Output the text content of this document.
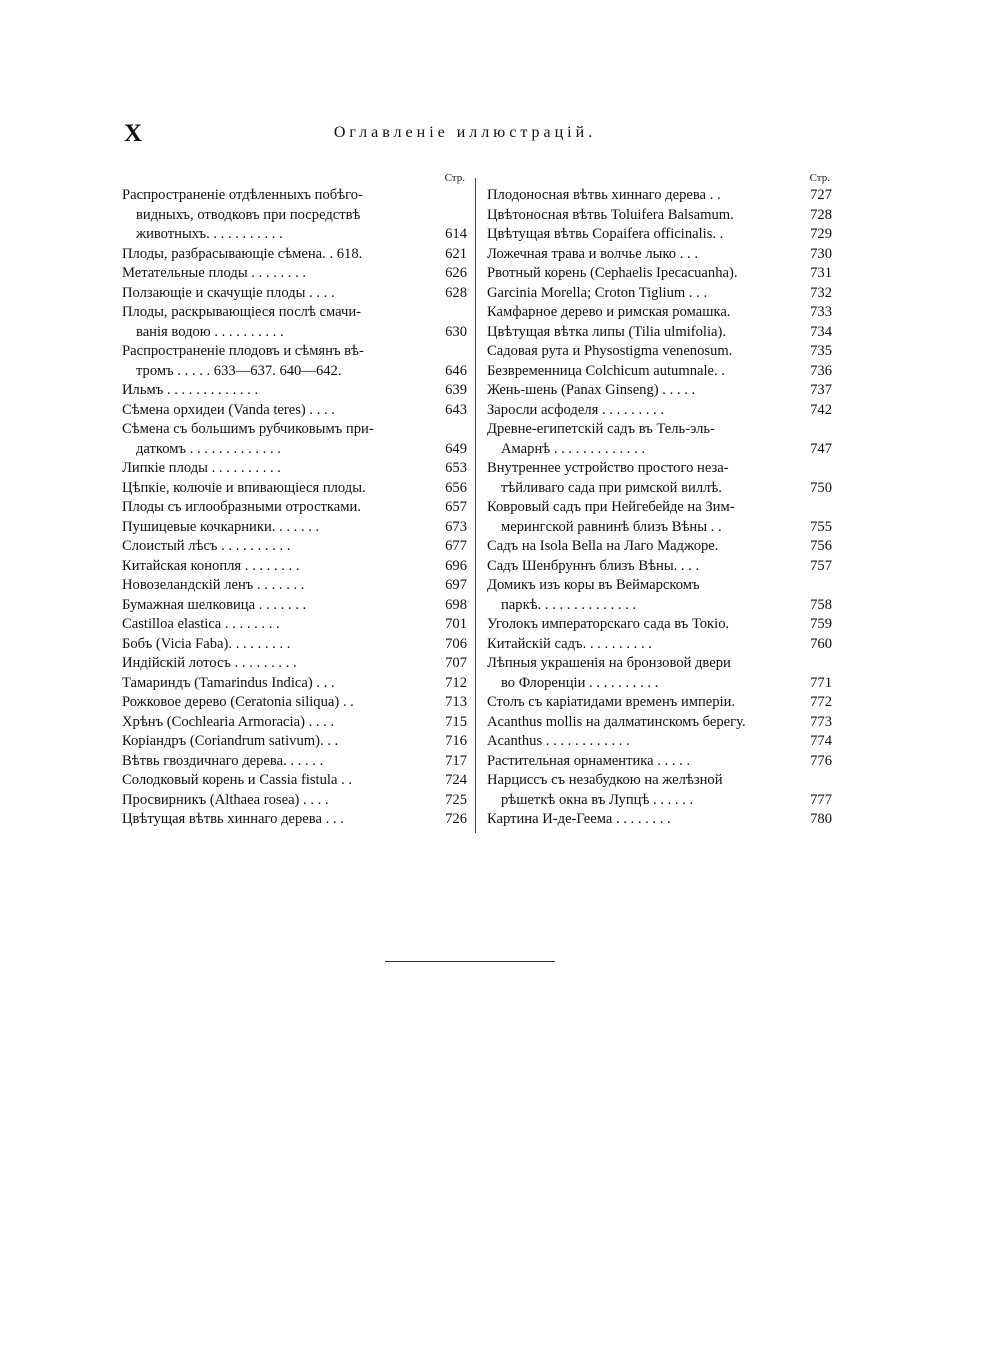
X	Оглавленіе иллюстрацій.
Стр.
Распространеніе отдѣленныхъ побѣго-
видныхъ, отводковъ при посредствѣ
животныхъ. . . . . . . . . . .	614
Плоды, разбрасывающіе сѣмена. . 618.	621
Метательные плоды . . . . . . . .	626
Ползающіе и скачущіе плоды . . . .	628
Плоды, раскрывающіеся послѣ смачи-
ванія водою . . . . . . . . . .	630
Распространеніе плодовъ и сѣмянъ вѣ-
тромъ . . . . . 633—637. 640—642.	646
Ильмъ . . . . . . . . . . . . .	639
Сѣмена орхидеи (Vanda teres) . . . .	643
Сѣмена съ большимъ рубчиковымъ при-
даткомъ . . . . . . . . . . . . .	649
Липкіе плоды . . . . . . . . . .	653
Цѣпкіе, колючіе и впивающіеся плоды.	656
Плоды съ иглообразными отростками.	657
Пушицевые кочкарники. . . . . . .	673
Слоистый лѣсъ . . . . . . . . . .	677
Китайская конопля . . . . . . . .	696
Новозеландскій ленъ . . . . . . .	697
Бумажная шелковица . . . . . . .	698
Castilloa elastica . . . . . . . .	701
Бобъ (Vicia Faba). . . . . . . . .	706
Индійскій лотосъ . . . . . . . . .	707
Тамариндъ (Tamarindus Indica) . . .	712
Рожковое дерево (Ceratonia siliqua) . .	713
Хрѣнъ (Cochlearia Armoracia) . . . .	715
Коріандръ (Coriandrum sativum). . .	716
Вѣтвь гвоздичнаго дерева. . . . . .	717
Солодковый корень и Cassia fistula . .	724
Просвирникъ (Althaea rosea) . . . .	725
Цвѣтущая вѣтвь хиннаго дерева . . .	726
Стр.
Плодоносная вѣтвь хиннаго дерева . .	727
Цвѣтоносная вѣтвь Toluifera Balsamum.	728
Цвѣтущая вѣтвь Copaifera officinalis. .	729
Ложечная трава и волчье лыко . . .	730
Рвотный корень (Cephaelis Ipecacuanha).	731
Garcinia Morella; Croton Tiglium . . .	732
Камфарное дерево и римская ромашка.	733
Цвѣтущая вѣтка липы (Tilia ulmifolia).	734
Садовая рута и Physostigma venenosum.	735
Безвременница Colchicum autumnale. .	736
Жень-шень (Panax Ginseng) . . . . .	737
Заросли асфоделя . . . . . . . . .	742
Древне-египетскій садъ въ Тель-эль-
Амарнѣ . . . . . . . . . . . . .	747
Внутреннее устройство простого неза-
тѣйливаго сада при римской виллѣ.	750
Ковровый садъ при Нейгебейде на Зим-
мерингской равнинѣ близъ Вѣны . .	755
Садъ на Isola Bella на Лаго Маджоре.	756
Садъ Шенбруннъ близъ Вѣны. . . .	757
Домикъ изъ коры въ Веймарскомъ
паркѣ. . . . . . . . . . . . . .	758
Уголокъ императорскаго сада въ Токіо.	759
Китайскій садъ. . . . . . . . . .	760
Лѣпныя украшенія на бронзовой двери
во Флоренціи . . . . . . . . . .	771
Столъ съ каріатидами временъ имперіи.	772
Acanthus mollis на далматинскомъ берегу.	773
Acanthus . . . . . . . . . . . .	774
Растительная орнаментика . . . . .	776
Нарциссъ съ незабудкою на желѣзной
рѣшеткѣ окна въ Лупцѣ . . . . . .	777
Картина И-де-Геема . . . . . . . .	780
